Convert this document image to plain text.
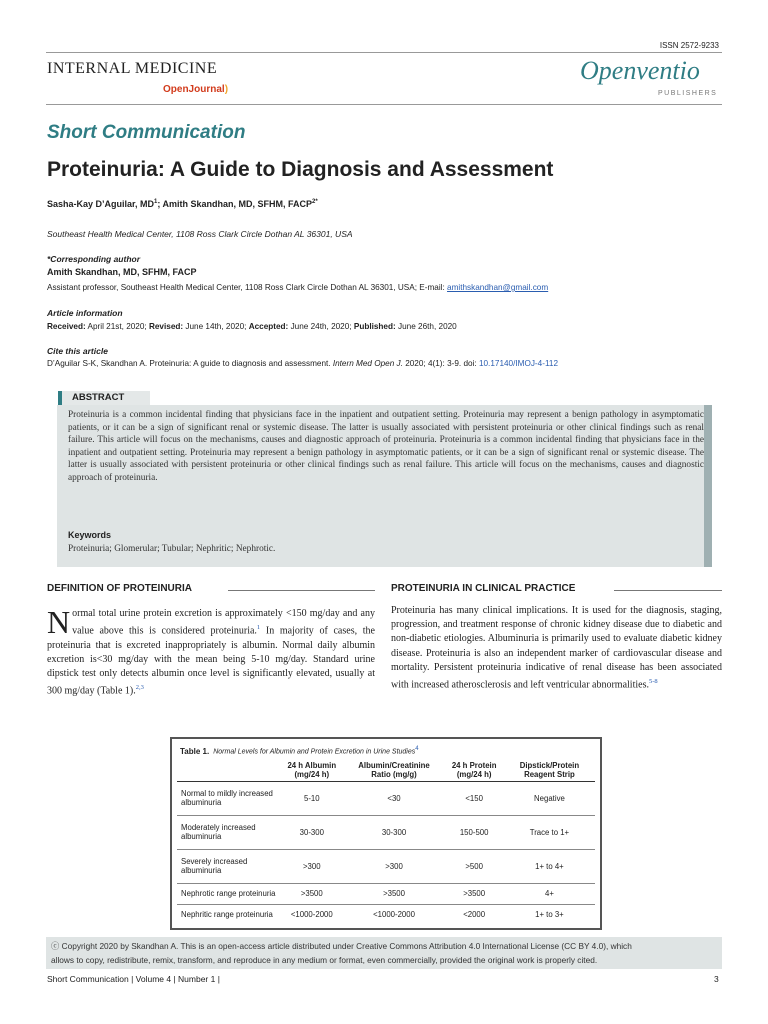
ISSN 2572-9233
INTERNAL MEDICINE
OpenJournal)
Openventio
PUBLISHERS
Short Communication
Proteinuria: A Guide to Diagnosis and Assessment
Sasha-Kay D’Aguilar, $MD^1$; Amith Skandhan, MD, SFHM, $FACP^{2*}$
Southeast Health Medical Center, 1108 Ross Clark Circle Dothan AL 36301, USA
*Corresponding author
Amith Skandhan, MD, SFHM, FACP
Assistant professor, Southeast Health Medical Center, 1108 Ross Clark Circle Dothan AL 36301, USA; E-mail: amithskandhan@gmail.com
Article information
Received: April 21st, 2020; Revised: June 14th, 2020; Accepted: June 24th, 2020; Published: June 26th, 2020
Cite this article
D’Aguilar S-K, Skandhan A. Proteinuria: A guide to diagnosis and assessment. Intern Med Open J. 2020; 4(1): 3-9. doi: 10.17140/IMOJ-4-112
ABSTRACT
Proteinuria is a common incidental finding that physicians face in the inpatient and outpatient setting. Proteinuria may represent a benign pathology in asymptomatic patients, or it can be a sign of significant renal or systemic disease. The latter is usually associated with persistent proteinuria or other clinical findings such as renal failure. This article will focus on the mechanisms, causes and diagnostic approach of proteinuria. Proteinuria is a common incidental finding that physicians face in the inpatient and outpatient setting. Proteinuria may represent a benign pathology in asymptomatic patients, or it can be a sign of significant renal or systemic disease. The latter is usually associated with persistent proteinuria or other clinical findings such as renal failure. This article will focus on the mechanisms, causes and diagnostic approach of proteinuria.
Keywords
Proteinuria; Glomerular; Tubular; Nephritic; Nephrotic.
DEFINITION OF PROTEINURIA
Normal total urine protein excretion is approximately <150 mg/day and any value above this is considered proteinuria.$^1$ In majority of cases, the proteinuria that is excreted inappropriately is albumin. Normal daily albumin excretion is<30 mg/day with the mean being 5-10 mg/day. Standard urine dipstick test only detects albumin once level is significantly elevated, usually at 300 mg/day (Table 1).$^{2,3}$
PROTEINURIA IN CLINICAL PRACTICE
Proteinuria has many clinical implications. It is used for the diagnosis, staging, progression, and treatment response of chronic kidney disease due to diabetic and non-diabetic etiologies. Albuminuria is primarily used to evaluate diabetic kidney disease. Proteinuria is also an independent marker of cardiovascular disease and mortality. Persistent proteinuria indicative of renal disease has been associated with increased atherosclerosis and left ventricular abnormalities.$^{5-8}$
Table 1. Normal Levels for Albumin and Protein Excretion in Urine Studies$^4$
	24 h Albumin (mg/24 h)	Albumin/Creatinine Ratio (mg/g)	24 h Protein (mg/24 h)	Dipstick/Protein Reagent Strip
Normal to mildly increased albuminuria	5-10	<30	<150	Negative
Moderately increased albuminuria	30-300	30-300	150-500	Trace to 1+
Severely increased albuminuria	>300	>300	>500	1+ to 4+
Nephrotic range proteinuria	>3500	>3500	>3500	4+
Nephritic range proteinuria	<1000-2000	<1000-2000	<2000	1+ to 3+
ⓒ Copyright 2020 by Skandhan A. This is an open-access article distributed under Creative Commons Attribution 4.0 International License (CC BY 4.0), which
allows to copy, redistribute, remix, transform, and reproduce in any medium or format, even commercially, provided the original work is properly cited.
Short Communication | Volume 4 | Number 1 |	3
